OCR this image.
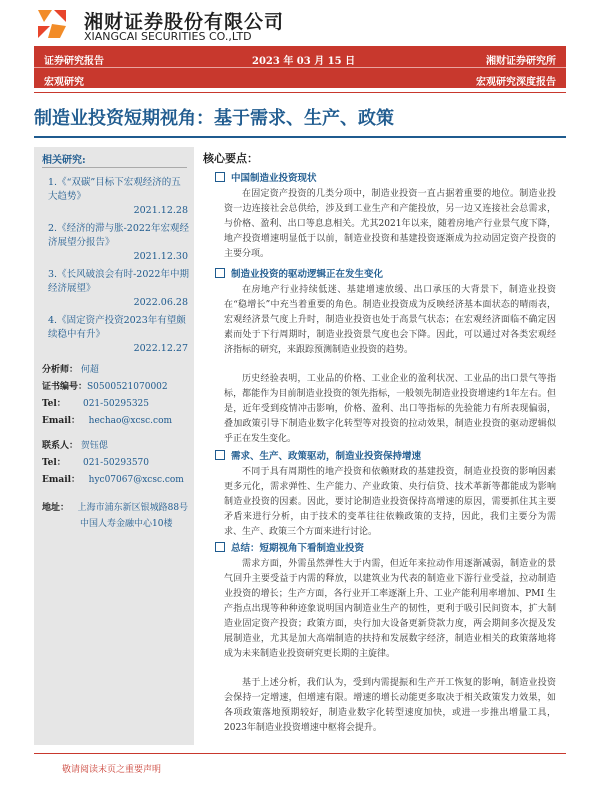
湘财证券股份有限公司
XIANGCAI SECURITIES CO.,LTD
证券研究报告	2023 年 03 月 15 日	湘财证券研究所
宏观研究	宏观研究深度报告
制造业投资短期视角：基于需求、生产、政策
相关研究:
1.《“双碳”目标下宏观经济的五大趋势》
2021.12.28
2.《经济的滞与胀-2022年宏观经济展望分报告》
2021.12.30
3.《长风破浪会有时-2022年中期经济展望》
2022.06.28
4.《固定资产投资2023年有望颇续稳中有升》
2022.12.27
分析师： 何超
证书编号：S0500521070002
Tel： 021-50295325
Email： hechao@xcsc.com
联系人： 贺钰偲
Tel： 021-50293570
Email： hyc07067@xcsc.com
地址： 上海市浦东新区银城路88号
中国人寿金融中心10楼
核心要点：
中国制造业投资现状
在固定资产投资的几类分项中，制造业投资一直占据着重要的地位。制造业投资一边连接社会总供给，涉及到工业生产和产能投放，另一边又连接社会总需求，与价格、盈利、出口等息息相关。尤其2021年以来，随着房地产行业景气度下降，地产投资增速明显低于以前，制造业投资和基建投资逐渐成为拉动固定资产投资的主要分项。
制造业投资的驱动逻辑正在发生变化
在房地产行业持续低迷、基建增速放缓、出口承压的大背景下，制造业投资在“稳增长”中充当着重要的角色。制造业投资成为反映经济基本面状态的晴雨表，宏观经济景气度上升时，制造业投资也处于高景气状态；在宏观经济面临不确定因素而处于下行周期时，制造业投资景气度也会下降。因此，可以通过对各类宏观经济指标的研究，来跟踪预测制造业投资的趋势。
历史经验表明，工业品的价格、工业企业的盈利状况、工业品的出口景气等指标，都能作为目前制造业投资的领先指标，一般领先制造业投资增速约1年左右。但是，近年受到疫情冲击影响，价格、盈利、出口等指标的先验能力有所表现偏弱，叠加政策引导下制造业数字化转型等对投资的拉动效果，制造业投资的驱动逻辑似乎正在发生变化。
需求、生产、政策驱动，制造业投资保持增速
不同于具有周期性的地产投资和依赖财政的基建投资，制造业投资的影响因素更多元化，需求弹性、生产能力、产业政策、央行信贷、技术革新等都能成为影响制造业投资的因素。因此，要讨论制造业投资保持高增速的原因，需要抓住其主要矛盾来进行分析，由于技术的变革往往依赖政策的支持，因此，我们主要分为需求、生产、政策三个方面来进行讨论。
总结：短期视角下看制造业投资
需求方面，外需虽然弹性大于内需，但近年来拉动作用逐渐减弱，制造业的景气回升主要受益于内需的释放，以建筑业为代表的制造业下游行业受益，拉动制造业投资的增长；生产方面，各行业开工率逐渐上升、工业产能利用率增加、PMI 生产指点出现等种种迹象说明国内制造业生产的韧性，更利于吸引民间资本，扩大制造业固定资产投资；政策方面，央行加大设备更新贷款力度，两会期间多次提及发展制造业，尤其是加大高端制造的扶持和发展数字经济，制造业相关的政策落地将成为未来制造业投资研究更长期的主旋律。
基于上述分析，我们认为，受到内需提振和生产开工恢复的影响，制造业投资会保持一定增速，但增速有限。增速的增长动能更多取决于相关政策发力效果，如各项政策落地预期较好，制造业数字化转型速度加快，或进一步推出增量工具，2023年制造业投资增速中枢将会提升。
敬请阅读末页之重要声明
